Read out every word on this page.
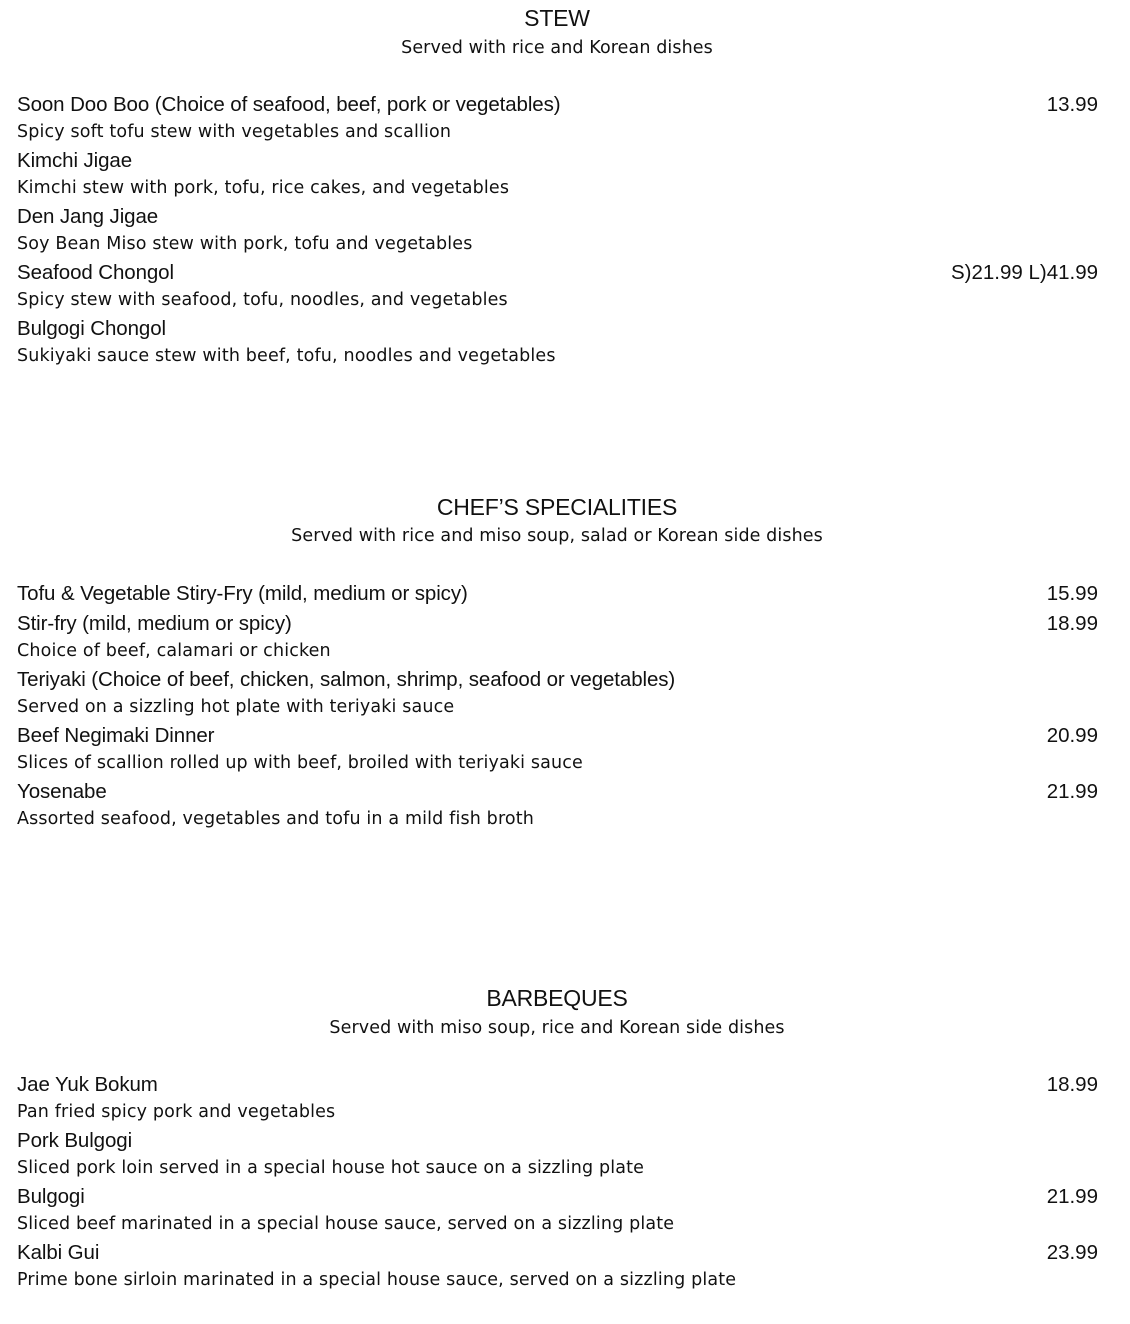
STEW
Served with rice and Korean dishes
Soon Doo Boo (Choice of seafood, beef, pork or vegetables)	13.99
Spicy soft tofu stew with vegetables and scallion
Kimchi Jigae
Kimchi stew with pork, tofu, rice cakes, and vegetables
Den Jang Jigae
Soy Bean Miso stew with pork, tofu and vegetables
Seafood Chongol	S)21.99 L)41.99
Spicy stew with seafood, tofu, noodles, and vegetables
Bulgogi Chongol
Sukiyaki sauce stew with beef, tofu, noodles and vegetables
CHEF’S SPECIALITIES
Served with rice and miso soup, salad or Korean side dishes
Tofu & Vegetable Stiry-Fry (mild, medium or spicy)	15.99
Stir-fry (mild, medium or spicy)	18.99
Choice of beef, calamari or chicken
Teriyaki (Choice of beef, chicken, salmon, shrimp, seafood or vegetables)
Served on a sizzling hot plate with teriyaki sauce
Beef Negimaki Dinner	20.99
Slices of scallion rolled up with beef, broiled with teriyaki sauce
Yosenabe	21.99
Assorted seafood, vegetables and tofu in a mild fish broth
BARBEQUES
Served with miso soup, rice and Korean side dishes
Jae Yuk Bokum	18.99
Pan fried spicy pork and vegetables
Pork Bulgogi
Sliced pork loin served in a special house hot sauce on a sizzling plate
Bulgogi	21.99
Sliced beef marinated in a special house sauce, served on a sizzling plate
Kalbi Gui	23.99
Prime bone sirloin marinated in a special house sauce, served on a sizzling plate
